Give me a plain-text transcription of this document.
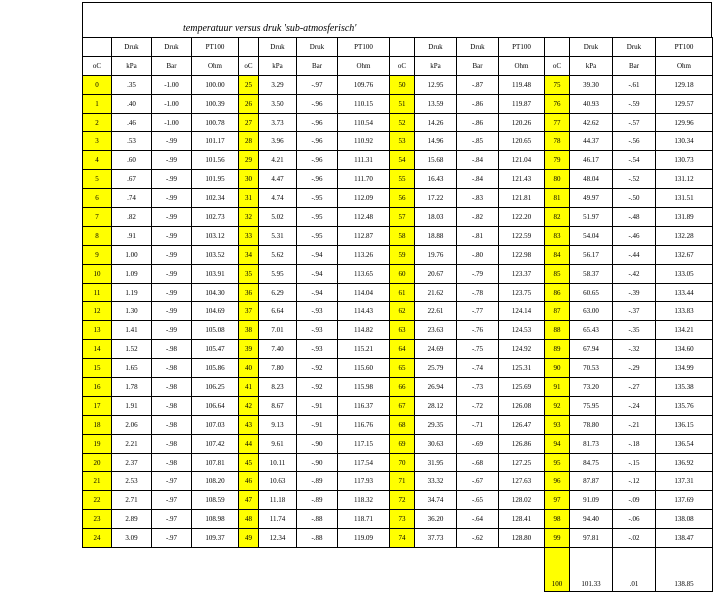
temperatuur versus druk 'sub-atmosferisch'
	Druk	Druk	PT100		Druk	Druk	PT100		Druk	Druk	PT100		Druk	Druk	PT100
oC	kPa	Bar	Ohm	oC	kPa	Bar	Ohm	oC	kPa	Bar	Ohm	oC	kPa	Bar	Ohm
0	.35	-1.00	100.00	25	3.29	-.97	109.76	50	12.95	-.87	119.48	75	39.30	-.61	129.18
1	.40	-1.00	100.39	26	3.50	-.96	110.15	51	13.59	-.86	119.87	76	40.93	-.59	129.57
2	.46	-1.00	100.78	27	3.73	-.96	110.54	52	14.26	-.86	120.26	77	42.62	-.57	129.96
3	.53	-.99	101.17	28	3.96	-.96	110.92	53	14.96	-.85	120.65	78	44.37	-.56	130.34
4	.60	-.99	101.56	29	4.21	-.96	111.31	54	15.68	-.84	121.04	79	46.17	-.54	130.73
5	.67	-.99	101.95	30	4.47	-.96	111.70	55	16.43	-.84	121.43	80	48.04	-.52	131.12
6	.74	-.99	102.34	31	4.74	-.95	112.09	56	17.22	-.83	121.81	81	49.97	-.50	131.51
7	.82	-.99	102.73	32	5.02	-.95	112.48	57	18.03	-.82	122.20	82	51.97	-.48	131.89
8	.91	-.99	103.12	33	5.31	-.95	112.87	58	18.88	-.81	122.59	83	54.04	-.46	132.28
9	1.00	-.99	103.52	34	5.62	-.94	113.26	59	19.76	-.80	122.98	84	56.17	-.44	132.67
10	1.09	-.99	103.91	35	5.95	-.94	113.65	60	20.67	-.79	123.37	85	58.37	-.42	133.05
11	1.19	-.99	104.30	36	6.29	-.94	114.04	61	21.62	-.78	123.75	86	60.65	-.39	133.44
12	1.30	-.99	104.69	37	6.64	-.93	114.43	62	22.61	-.77	124.14	87	63.00	-.37	133.83
13	1.41	-.99	105.08	38	7.01	-.93	114.82	63	23.63	-.76	124.53	88	65.43	-.35	134.21
14	1.52	-.98	105.47	39	7.40	-.93	115.21	64	24.69	-.75	124.92	89	67.94	-.32	134.60
15	1.65	-.98	105.86	40	7.80	-.92	115.60	65	25.79	-.74	125.31	90	70.53	-.29	134.99
16	1.78	-.98	106.25	41	8.23	-.92	115.98	66	26.94	-.73	125.69	91	73.20	-.27	135.38
17	1.91	-.98	106.64	42	8.67	-.91	116.37	67	28.12	-.72	126.08	92	75.95	-.24	135.76
18	2.06	-.98	107.03	43	9.13	-.91	116.76	68	29.35	-.71	126.47	93	78.80	-.21	136.15
19	2.21	-.98	107.42	44	9.61	-.90	117.15	69	30.63	-.69	126.86	94	81.73	-.18	136.54
20	2.37	-.98	107.81	45	10.11	-.90	117.54	70	31.95	-.68	127.25	95	84.75	-.15	136.92
21	2.53	-.97	108.20	46	10.63	-.89	117.93	71	33.32	-.67	127.63	96	87.87	-.12	137.31
22	2.71	-.97	108.59	47	11.18	-.89	118.32	72	34.74	-.65	128.02	97	91.09	-.09	137.69
23	2.89	-.97	108.98	48	11.74	-.88	118.71	73	36.20	-.64	128.41	98	94.40	-.06	138.08
24	3.09	-.97	109.37	49	12.34	-.88	119.09	74	37.73	-.62	128.80	99	97.81	-.02	138.47
												100	101.33	.01	138.85
